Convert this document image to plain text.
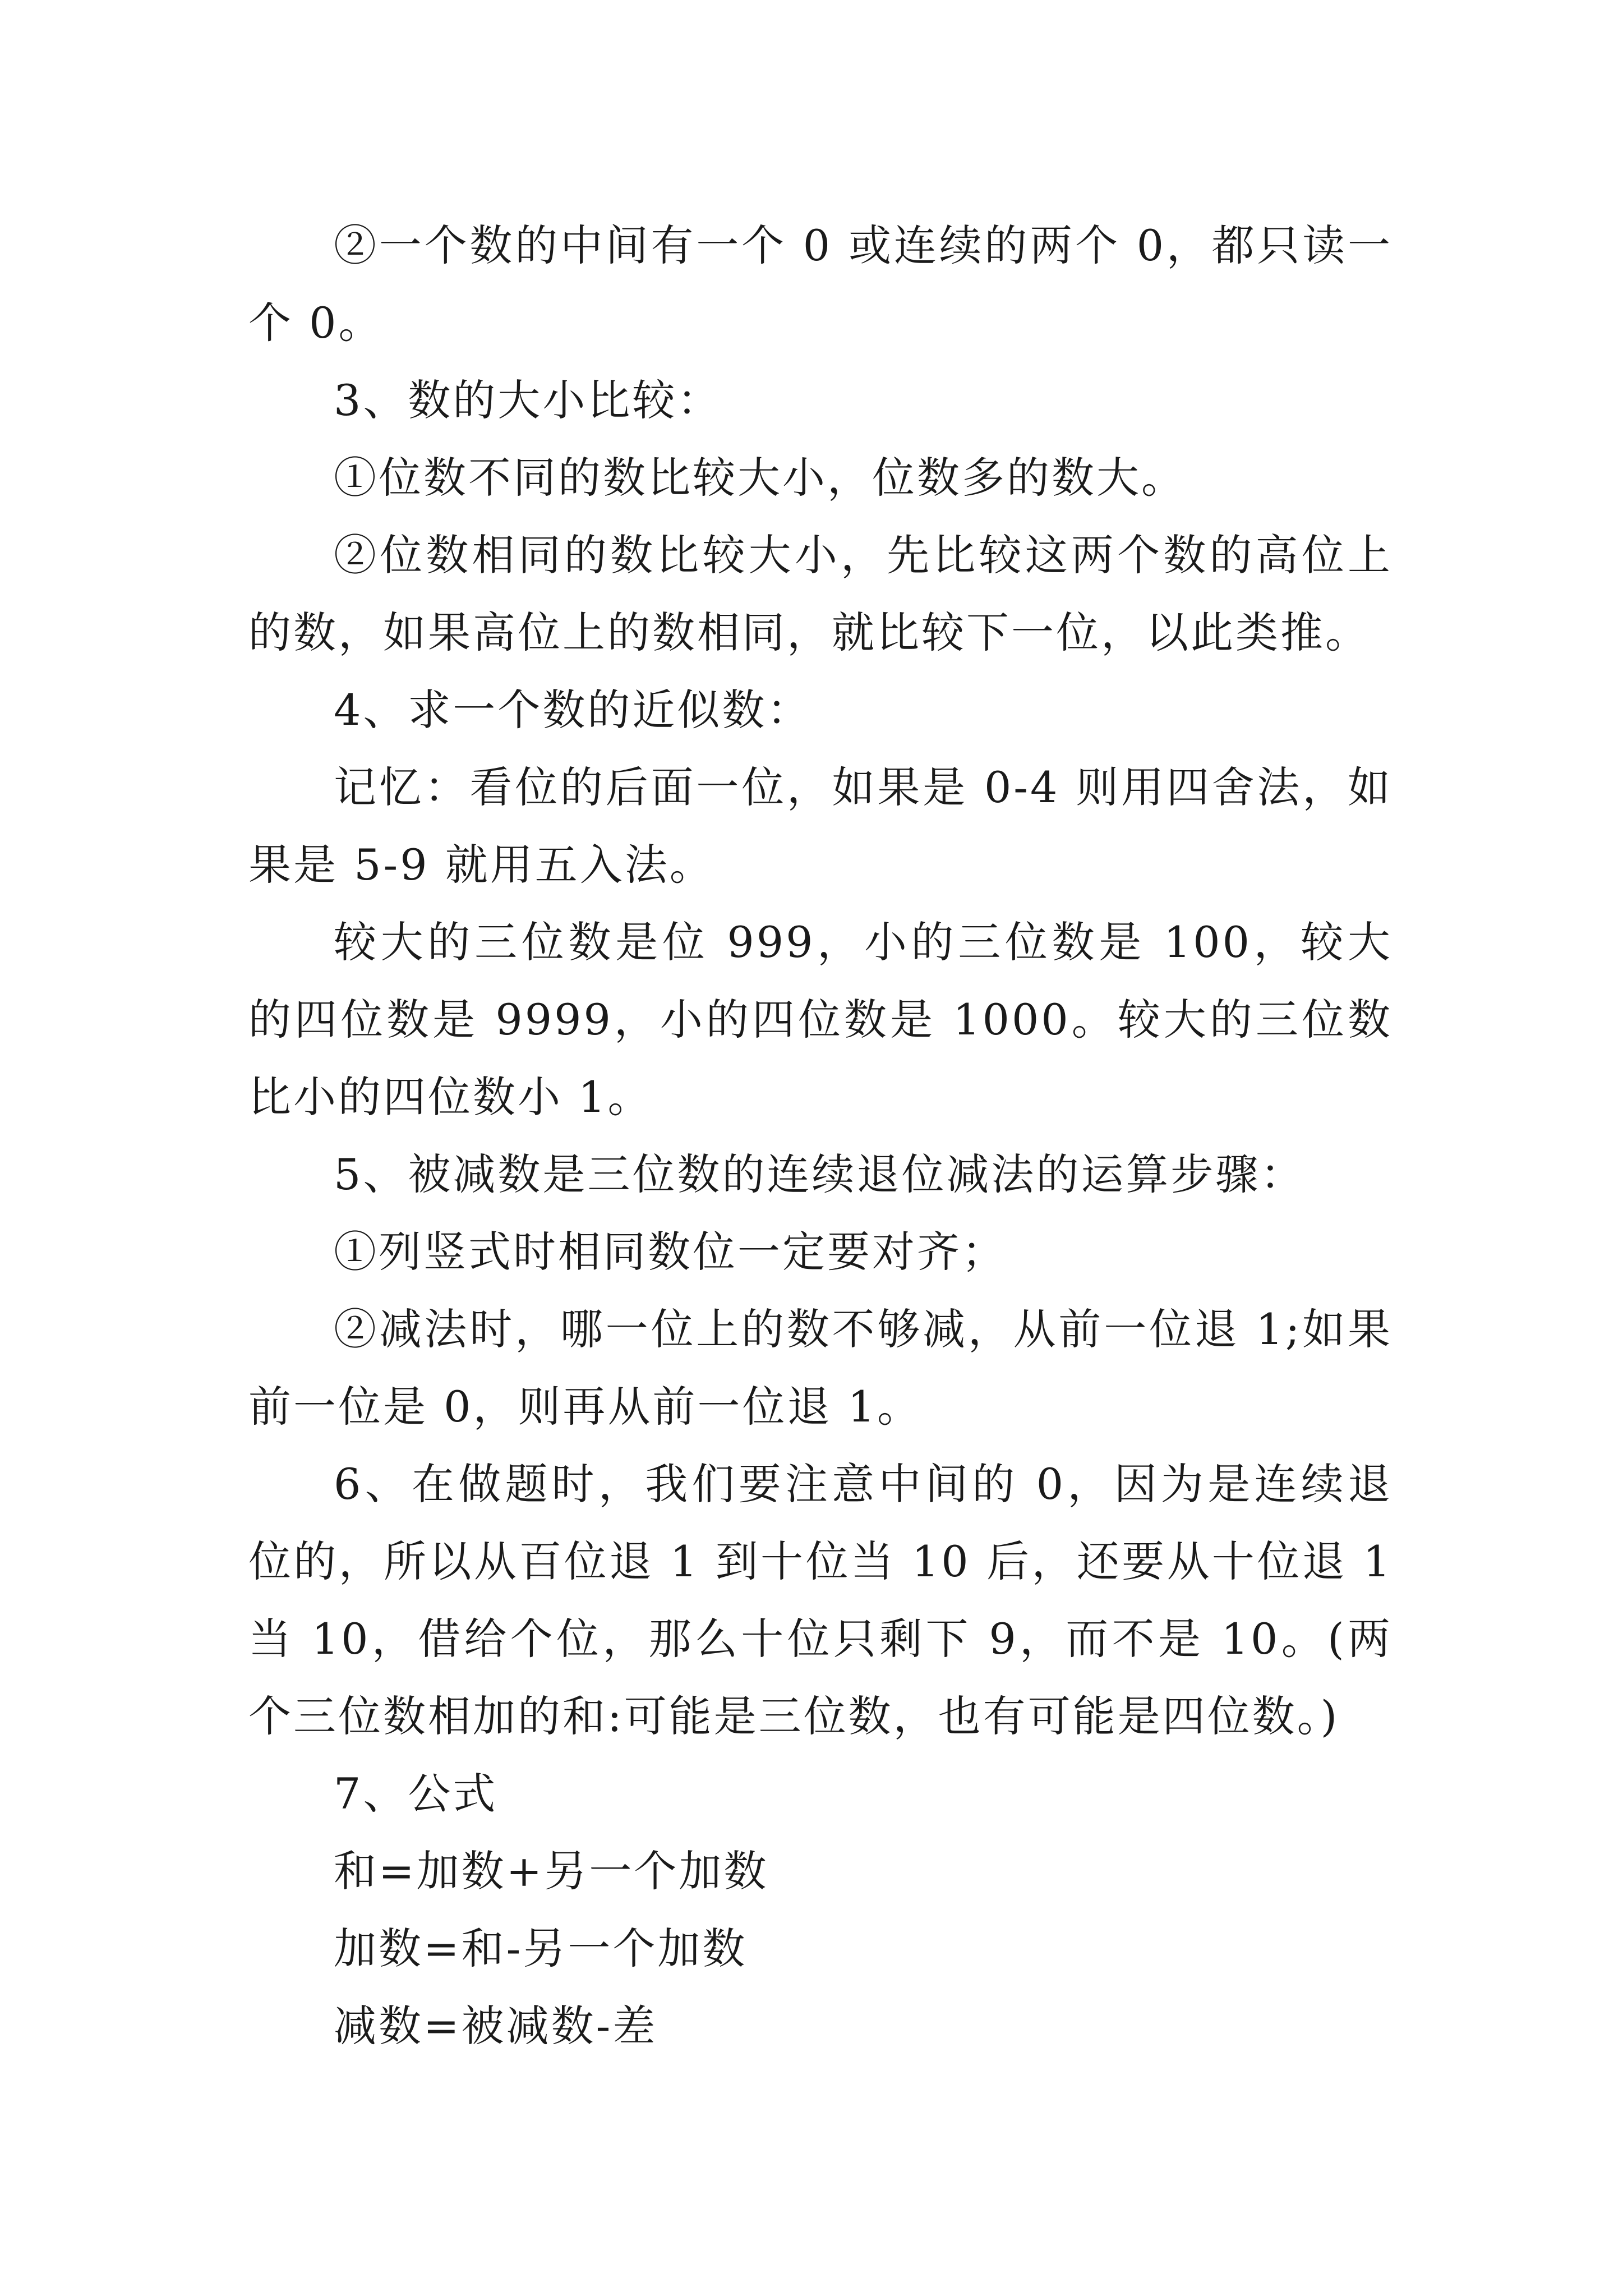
②一个数的中间有一个 0 或连续的两个 0，都只读一个 0。

3、数的大小比较：

①位数不同的数比较大小，位数多的数大。

②位数相同的数比较大小，先比较这两个数的高位上的数，如果高位上的数相同，就比较下一位，以此类推。

4、求一个数的近似数：

记忆：看位的后面一位，如果是 0-4 则用四舍法，如果是 5-9 就用五入法。

较大的三位数是位 999，小的三位数是 100，较大的四位数是 9999，小的四位数是 1000。较大的三位数比小的四位数小 1。

5、被减数是三位数的连续退位减法的运算步骤：

①列竖式时相同数位一定要对齐；

②减法时，哪一位上的数不够减，从前一位退 1;如果前一位是 0，则再从前一位退 1。

6、在做题时，我们要注意中间的 0，因为是连续退位的，所以从百位退 1 到十位当 10 后，还要从十位退 1 当 10，借给个位，那么十位只剩下 9，而不是 10。(两个三位数相加的和:可能是三位数，也有可能是四位数。)

7、公式

和=加数+另一个加数

加数=和-另一个加数

减数=被减数-差
